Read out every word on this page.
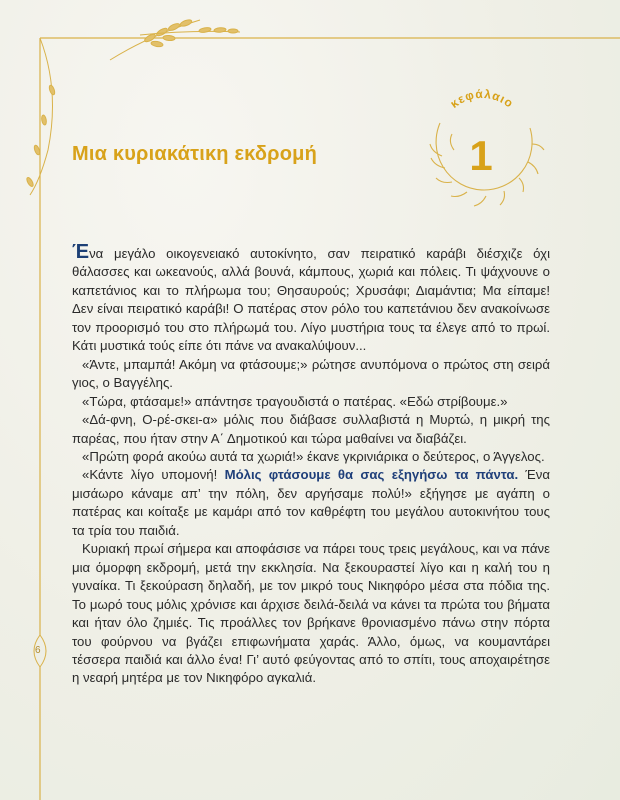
Μια κυριακάτικη εκδρομή
κεφάλαιο
1

Ένα μεγάλο οικογενειακό αυτοκίνητο, σαν πειρατικό καράβι διέσχιζε όχι θάλασσες και ωκεανούς, αλλά βουνά, κάμπους, χωριά και πόλεις. Τι ψάχνουνε ο καπετάνιος και το πλήρωμα του; Θησαυρούς; Χρυσάφι; Διαμάντια; Μα είπαμε! Δεν είναι πειρατικό καράβι! Ο πατέρας στον ρόλο του καπετάνιου δεν ανακοίνωσε τον προορισμό του στο πλήρωμά του. Λίγο μυστήρια τους τα έλεγε από το πρωί. Κάτι μυστικά τούς είπε ότι πάνε να ανακαλύψουν...

«Άντε, μπαμπά! Ακόμη να φτάσουμε;» ρώτησε ανυπόμονα ο πρώτος στη σειρά γιος, ο Βαγγέλης.

«Τώρα, φτάσαμε!» απάντησε τραγουδιστά ο πατέρας. «Εδώ στρίβουμε.»

«Δά-φνη, Ο-ρέ-σκει-α» μόλις που διάβασε συλλαβιστά η Μυρτώ, η μικρή της παρέας, που ήταν στην Α΄ Δημοτικού και τώρα μαθαίνει να διαβάζει.

«Πρώτη φορά ακούω αυτά τα χωριά!» έκανε γκρινιάρικα ο δεύτερος, ο Άγγελος.

«Κάντε λίγο υπομονή! Μόλις φτάσουμε θα σας εξηγήσω τα πάντα. Ένα μισάωρο κάναμε απ’ την πόλη, δεν αργήσαμε πολύ!» εξήγησε με αγάπη ο πατέρας και κοίταξε με καμάρι από τον καθρέφτη του μεγάλου αυτοκινήτου τους τα τρία του παιδιά.

Κυριακή πρωί σήμερα και αποφάσισε να πάρει τους τρεις μεγάλους, και να πάνε μια όμορφη εκδρομή, μετά την εκκλησία. Να ξεκουραστεί λίγο και η καλή του η γυναίκα. Τι ξεκούραση δηλαδή, με τον μικρό τους Νικηφόρο μέσα στα πόδια της. Το μωρό τους μόλις χρόνισε και άρχισε δειλά-δειλά να κάνει τα πρώτα του βήματα και ήταν όλο ζημιές. Τις προάλλες τον βρήκανε θρονιασμένο πάνω στην πόρτα του φούρνου να βγάζει επιφωνήματα χαράς. Άλλο, όμως, να κουμαντάρει τέσσερα παιδιά και άλλο ένα! Γι’ αυτό φεύγοντας από το σπίτι, τους αποχαιρέτησε η νεαρή μητέρα με τον Νικηφόρο αγκαλιά.

6
